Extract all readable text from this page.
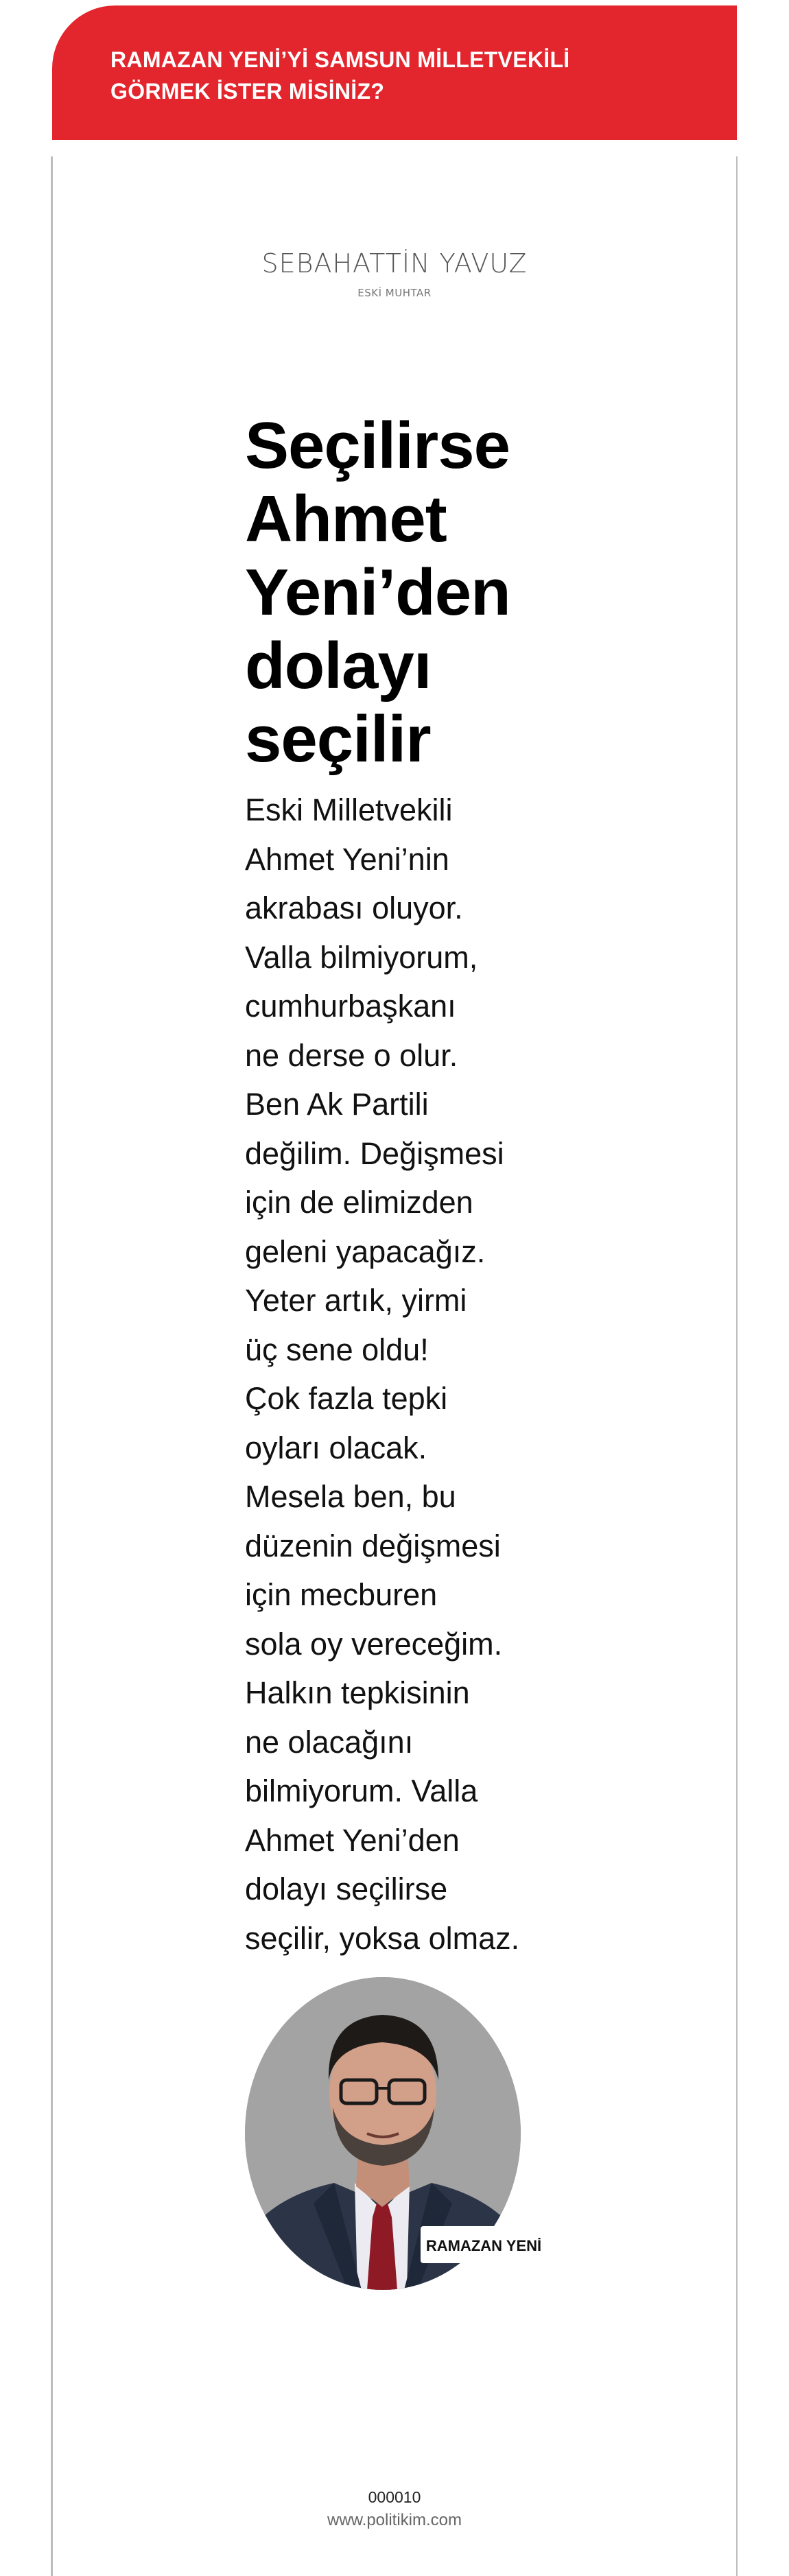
RAMAZAN YENİ’Yİ SAMSUN MİLLETVEKİLİ
GÖRMEK İSTER MİSİNİZ?
SEBAHATTİN YAVUZ
ESKİ MUHTAR
Seçilirse
Ahmet
Yeni’den
dolayı
seçilir
Eski Milletvekili
Ahmet Yeni’nin
akrabası oluyor.
Valla bilmiyorum,
cumhurbaşkanı
ne derse o olur.
Ben Ak Partili
değilim. Değişmesi
için de elimizden
geleni yapacağız.
Yeter artık, yirmi
üç sene oldu!
Çok fazla tepki
oyları olacak.
Mesela ben, bu
düzenin değişmesi
için mecburen
sola oy vereceğim.
Halkın tepkisinin
ne olacağını
bilmiyorum. Valla
Ahmet Yeni’den
dolayı seçilirse
seçilir, yoksa olmaz.
RAMAZAN YENİ
000010
www.politikim.com
